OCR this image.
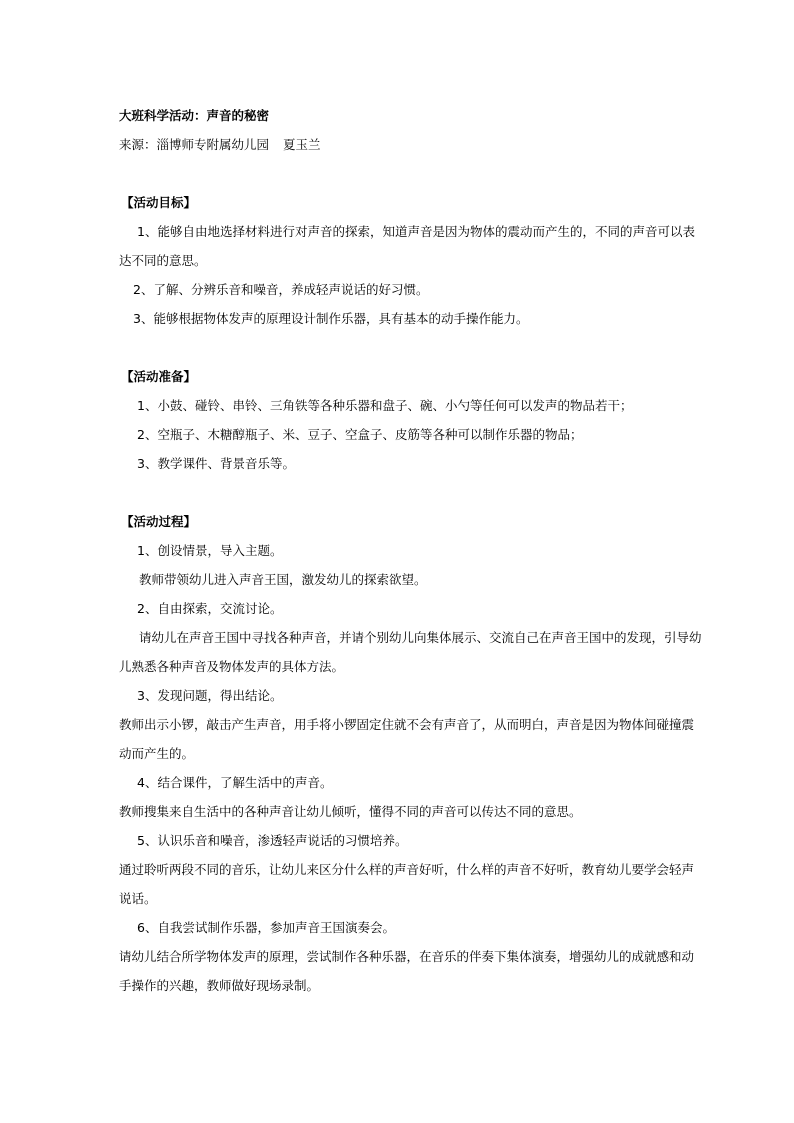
大班科学活动：声音的秘密

来源：淄博师专附属幼儿园 夏玉兰

【活动目标】

1、能够自由地选择材料进行对声音的探索，知道声音是因为物体的震动而产生的，不同的声音可以表

达不同的意思。

2、了解、分辨乐音和噪音，养成轻声说话的好习惯。

3、能够根据物体发声的原理设计制作乐器，具有基本的动手操作能力。

【活动准备】

1、小鼓、碰铃、串铃、三角铁等各种乐器和盘子、碗、小勺等任何可以发声的物品若干；

2、空瓶子、木糖醇瓶子、米、豆子、空盒子、皮筋等各种可以制作乐器的物品；

3、教学课件、背景音乐等。

【活动过程】

1、创设情景，导入主题。

教师带领幼儿进入声音王国，激发幼儿的探索欲望。

2、自由探索，交流讨论。

请幼儿在声音王国中寻找各种声音，并请个别幼儿向集体展示、交流自己在声音王国中的发现，引导幼

儿熟悉各种声音及物体发声的具体方法。

3、发现问题，得出结论。

教师出示小锣，敲击产生声音，用手将小锣固定住就不会有声音了，从而明白，声音是因为物体间碰撞震

动而产生的。

4、结合课件，了解生活中的声音。

教师搜集来自生活中的各种声音让幼儿倾听，懂得不同的声音可以传达不同的意思。

5、认识乐音和噪音，渗透轻声说话的习惯培养。

通过聆听两段不同的音乐，让幼儿来区分什么样的声音好听，什么样的声音不好听，教育幼儿要学会轻声

说话。

6、自我尝试制作乐器，参加声音王国演奏会。

请幼儿结合所学物体发声的原理，尝试制作各种乐器，在音乐的伴奏下集体演奏，增强幼儿的成就感和动

手操作的兴趣，教师做好现场录制。
